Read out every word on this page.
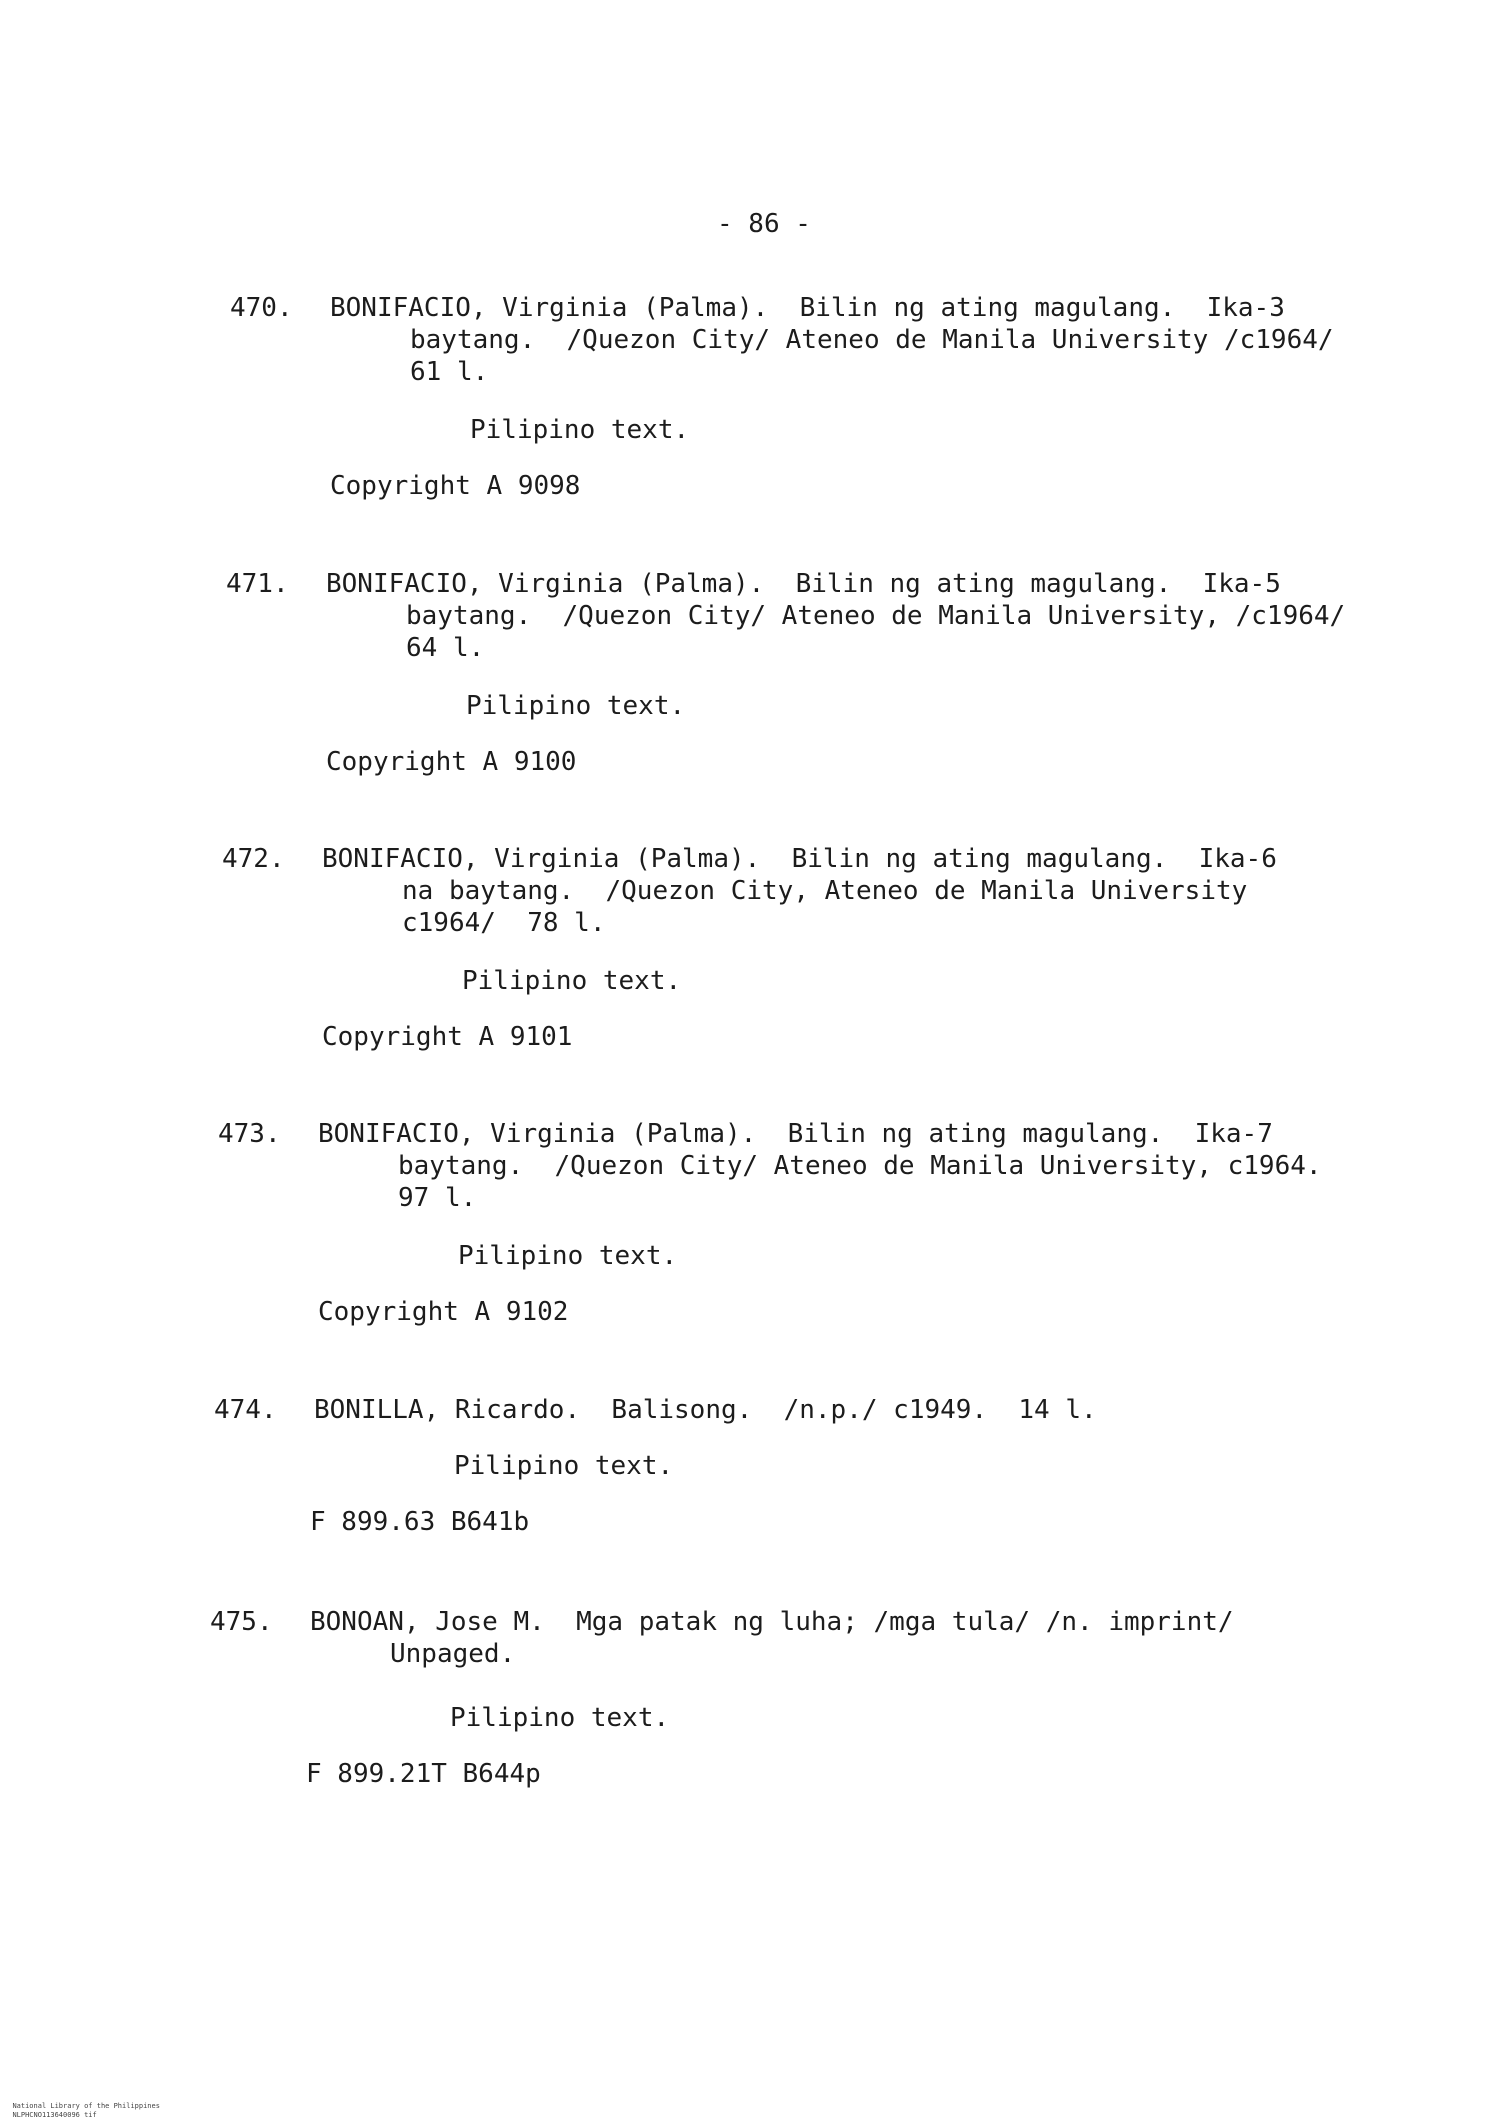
- 86 -
470. BONIFACIO, Virginia (Palma).  Bilin ng ating magulang.  Ika-3
baytang.  /Quezon City/ Ateneo de Manila University /c1964/
61 l.
Pilipino text.
Copyright A 9098
471. BONIFACIO, Virginia (Palma).  Bilin ng ating magulang.  Ika-5
baytang.  /Quezon City/ Ateneo de Manila University, /c1964/
64 l.
Pilipino text.
Copyright A 9100
472. BONIFACIO, Virginia (Palma).  Bilin ng ating magulang.  Ika-6
na baytang.  /Quezon City, Ateneo de Manila University
c1964/  78 l.
Pilipino text.
Copyright A 9101
473. BONIFACIO, Virginia (Palma).  Bilin ng ating magulang.  Ika-7
baytang.  /Quezon City/ Ateneo de Manila University, c1964.
97 l.
Pilipino text.
Copyright A 9102
474. BONILLA, Ricardo.  Balisong.  /n.p./ c1949.  14 l.
Pilipino text.
F 899.63 B641b
475. BONOAN, Jose M.  Mga patak ng luha; /mga tula/ /n. imprint/
Unpaged.
Pilipino text.
F 899.21T B644p

National Library of the Philippines
NLPHCNO113640096 tif
